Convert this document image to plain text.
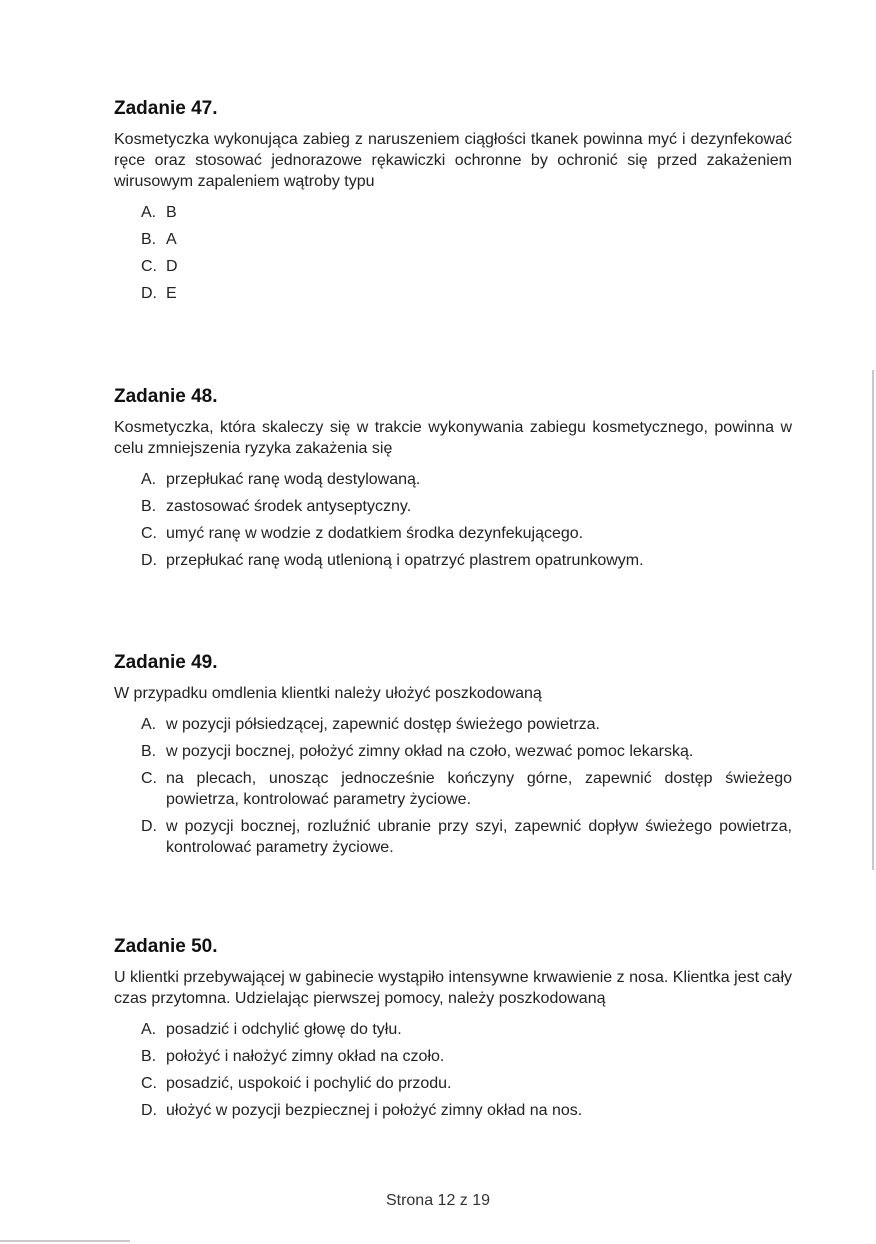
Zadanie 47.

Kosmetyczka wykonująca zabieg z naruszeniem ciągłości tkanek powinna myć i dezynfekować ręce oraz stosować jednorazowe rękawiczki ochronne by ochronić się przed zakażeniem wirusowym zapaleniem wątroby typu

A. B
B. A
C. D
D. E
Zadanie 48.

Kosmetyczka, która skaleczy się w trakcie wykonywania zabiegu kosmetycznego, powinna w celu zmniejszenia ryzyka zakażenia się

A. przepłukać ranę wodą destylowaną.
B. zastosować środek antyseptyczny.
C. umyć ranę w wodzie z dodatkiem środka dezynfekującego.
D. przepłukać ranę wodą utlenioną i opatrzyć plastrem opatrunkowym.
Zadanie 49.

W przypadku omdlenia klientki należy ułożyć poszkodowaną

A. w pozycji półsiedzącej, zapewnić dostęp świeżego powietrza.
B. w pozycji bocznej, położyć zimny okład na czoło, wezwać pomoc lekarską.
C. na plecach, unosząc jednocześnie kończyny górne, zapewnić dostęp świeżego powietrza, kontrolować parametry życiowe.
D. w pozycji bocznej, rozluźnić ubranie przy szyi, zapewnić dopływ świeżego powietrza, kontrolować parametry życiowe.
Zadanie 50.

U klientki przebywającej w gabinecie wystąpiło intensywne krwawienie z nosa. Klientka jest cały czas przytomna. Udzielając pierwszej pomocy, należy poszkodowaną

A. posadzić i odchylić głowę do tyłu.
B. położyć i nałożyć zimny okład na czoło.
C. posadzić, uspokoić i pochylić do przodu.
D. ułożyć w pozycji bezpiecznej i położyć zimny okład na nos.
Strona 12 z 19
